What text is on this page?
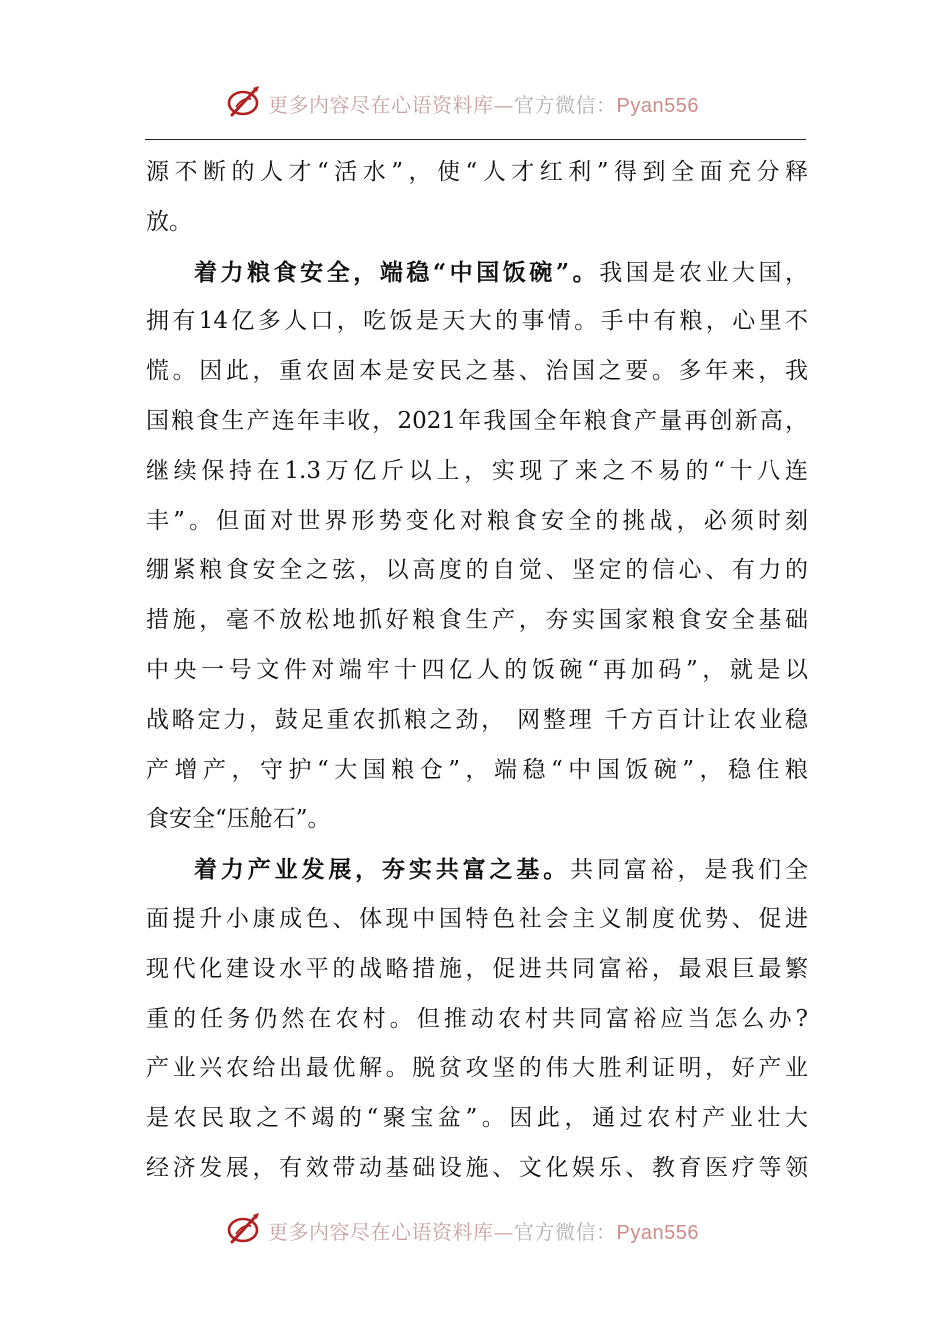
更多内容尽在心语资料库—官方微信：Pyan556
源不断的人才“活水”，使“人才红利”得到全面充分释
放。
着力粮食安全，端稳“中国饭碗”。我国是农业大国，
拥有14亿多人口，吃饭是天大的事情。手中有粮，心里不
慌。因此，重农固本是安民之基、治国之要。多年来，我
国粮食生产连年丰收，2021年我国全年粮食产量再创新高，
继续保持在1.3万亿斤以上，实现了来之不易的“十八连
丰”。但面对世界形势变化对粮食安全的挑战，必须时刻
绷紧粮食安全之弦，以高度的自觉、坚定的信心、有力的
措施，毫不放松地抓好粮食生产，夯实国家粮食安全基础
中央一号文件对端牢十四亿人的饭碗“再加码”，就是以
战略定力，鼓足重农抓粮之劲， 网整理 千方百计让农业稳
产增产，守护“大国粮仓”，端稳“中国饭碗”，稳住粮
食安全“压舱石”。
着力产业发展，夯实共富之基。共同富裕，是我们全
面提升小康成色、体现中国特色社会主义制度优势、促进
现代化建设水平的战略措施，促进共同富裕，最艰巨最繁
重的任务仍然在农村。但推动农村共同富裕应当怎么办?
产业兴农给出最优解。脱贫攻坚的伟大胜利证明，好产业
是农民取之不竭的“聚宝盆”。因此，通过农村产业壮大
经济发展，有效带动基础设施、文化娱乐、教育医疗等领
更多内容尽在心语资料库—官方微信：Pyan556
